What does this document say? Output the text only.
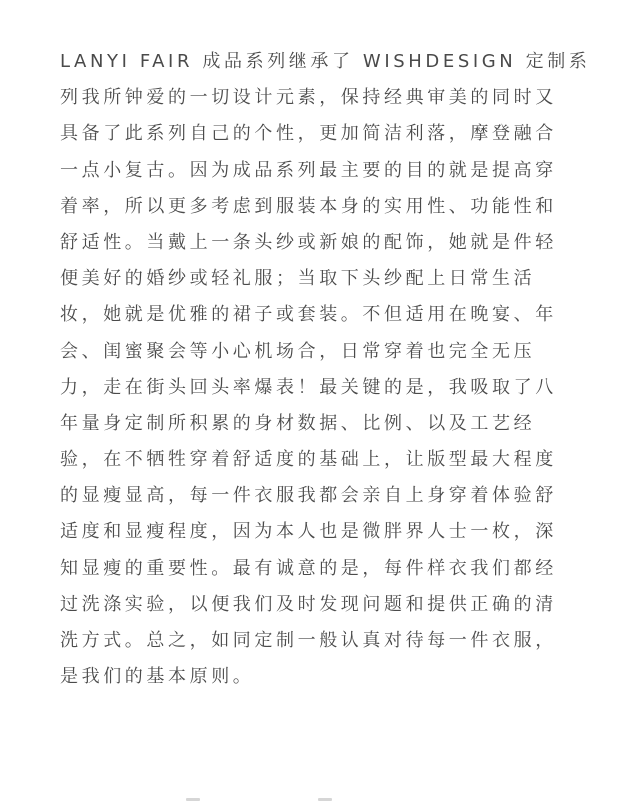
LANYI FAIR 成品系列继承了 WISHDESIGN 定制系
列我所钟爱的一切设计元素，保持经典审美的同时又
具备了此系列自己的个性，更加简洁利落，摩登融合
一点小复古。因为成品系列最主要的目的就是提高穿
着率，所以更多考虑到服装本身的实用性、功能性和
舒适性。当戴上一条头纱或新娘的配饰，她就是件轻
便美好的婚纱或轻礼服；当取下头纱配上日常生活
妆，她就是优雅的裙子或套装。不但适用在晚宴、年
会、闺蜜聚会等小心机场合，日常穿着也完全无压
力，走在街头回头率爆表！最关键的是，我吸取了八
年量身定制所积累的身材数据、比例、以及工艺经
验，在不牺牲穿着舒适度的基础上，让版型最大程度
的显瘦显高，每一件衣服我都会亲自上身穿着体验舒
适度和显瘦程度，因为本人也是微胖界人士一枚，深
知显瘦的重要性。最有诚意的是，每件样衣我们都经
过洗涤实验，以便我们及时发现问题和提供正确的清
洗方式。总之，如同定制一般认真对待每一件衣服，
是我们的基本原则。
